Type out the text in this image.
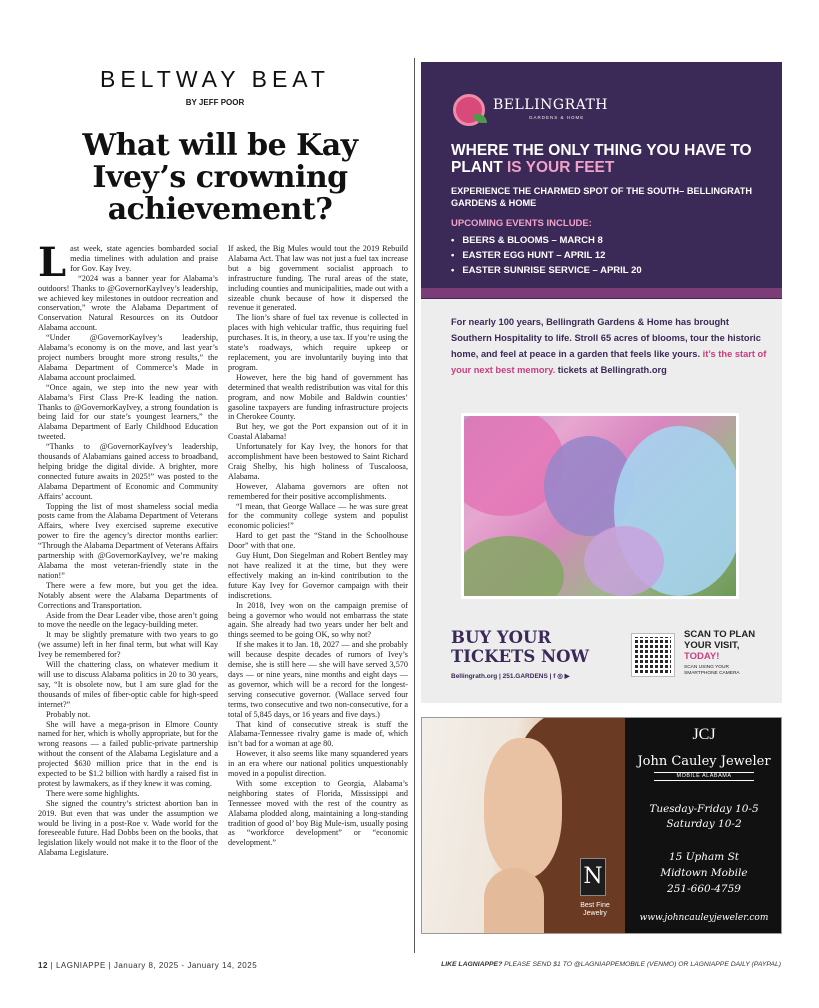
BELTWAY BEAT
BY JEFF POOR
What will be Kay Ivey’s crowning achievement?

Last week, state agencies bombarded social media timelines with adulation and praise for Gov. Kay Ivey.

“2024 was a banner year for Alabama’s outdoors! Thanks to @GovernorKayIvey’s leadership, we achieved key milestones in outdoor recreation and conservation,” wrote the Alabama Department of Conservation Natural Resources on its Outdoor Alabama account.

“Under @GovernorKayIvey’s leadership, Alabama’s economy is on the move, and last year’s project numbers brought more strong results,” the Alabama Department of Commerce’s Made in Alabama account proclaimed.

“Once again, we step into the new year with Alabama’s First Class Pre-K leading the nation. Thanks to @GovernorKayIvey, a strong foundation is being laid for our state’s youngest learners,” the Alabama Department of Early Childhood Education tweeted.

“Thanks to @GovernorKayIvey’s leadership, thousands of Alabamians gained access to broadband, helping bridge the digital divide. A brighter, more connected future awaits in 2025!” was posted to the Alabama Department of Economic and Community Affairs’ account.

Topping the list of most shameless social media posts came from the Alabama Department of Veterans Affairs, where Ivey exercised supreme executive power to fire the agency’s director months earlier: “Through the Alabama Department of Veterans Affairs partnership with @GovernorKayIvey, we’re making Alabama the most veteran-friendly state in the nation!”

There were a few more, but you get the idea. Notably absent were the Alabama Departments of Corrections and Transportation.

Aside from the Dear Leader vibe, those aren’t going to move the needle on the legacy-building meter.

It may be slightly premature with two years to go (we assume) left in her final term, but what will Kay Ivey be remembered for?

Will the chattering class, on whatever medium it will use to discuss Alabama politics in 20 to 30 years, say, “It is obsolete now, but I am sure glad for the thousands of miles of fiber-optic cable for high-speed internet?”

Probably not.

She will have a mega-prison in Elmore County named for her, which is wholly appropriate, but for the wrong reasons — a failed public-private partnership without the consent of the Alabama Legislature and a projected $630 million price that in the end is expected to be $1.2 billion with hardly a raised fist in protest by lawmakers, as if they knew it was coming.

There were some highlights.

She signed the country’s strictest abortion ban in 2019. But even that was under the assumption we would be living in a post-Roe v. Wade world for the foreseeable future. Had Dobbs been on the books, that legislation likely would not make it to the floor of the Alabama Legislature.

If asked, the Big Mules would tout the 2019 Rebuild Alabama Act. That law was not just a fuel tax increase but a big government socialist approach to infrastructure funding. The rural areas of the state, including counties and municipalities, made out with a sizeable chunk because of how it dispersed the revenue it generated.

The lion’s share of fuel tax revenue is collected in places with high vehicular traffic, thus requiring fuel purchases. It is, in theory, a use tax. If you’re using the state’s roadways, which require upkeep or replacement, you are involuntarily buying into that program.

However, here the big hand of government has determined that wealth redistribution was vital for this program, and now Mobile and Baldwin counties’ gasoline taxpayers are funding infrastructure projects in Cherokee County.

But hey, we got the Port expansion out of it in Coastal Alabama!

Unfortunately for Kay Ivey, the honors for that accomplishment have been bestowed to Saint Richard Craig Shelby, his high holiness of Tuscaloosa, Alabama.

However, Alabama governors are often not remembered for their positive accomplishments.

“I mean, that George Wallace — he was sure great for the community college system and populist economic policies!”

Hard to get past the “Stand in the Schoolhouse Door” with that one.

Guy Hunt, Don Siegelman and Robert Bentley may not have realized it at the time, but they were effectively making an in-kind contribution to the future Kay Ivey for Governor campaign with their indiscretions.

In 2018, Ivey won on the campaign premise of being a governor who would not embarrass the state again. She already had two years under her belt and things seemed to be going OK, so why not?

If she makes it to Jan. 18, 2027 — and she probably will because despite decades of rumors of Ivey’s demise, she is still here — she will have served 3,570 days — or nine years, nine months and eight days — as governor, which will be a record for the longest-serving consecutive governor. (Wallace served four terms, two consecutive and two non-consecutive, for a total of 5,845 days, or 16 years and five days.)

That kind of consecutive streak is stuff the Alabama-Tennessee rivalry game is made of, which isn’t bad for a woman at age 80.

However, it also seems like many squandered years in an era where our national politics unquestionably moved in a populist direction.

With some exception to Georgia, Alabama’s neighboring states of Florida, Mississippi and Tennessee moved with the rest of the country as Alabama plodded along, maintaining a long-standing tradition of good ol’ boy Big Mule-ism, usually posing as “workforce development” or “economic development.”

BELLINGRATH
GARDENS & HOME
WHERE THE ONLY THING YOU HAVE TO PLANT IS YOUR FEET
EXPERIENCE THE CHARMED SPOT OF THE SOUTH– BELLINGRATH GARDENS & HOME
UPCOMING EVENTS INCLUDE:
• BEERS & BLOOMS – MARCH 8
• EASTER EGG HUNT – APRIL 12
• EASTER SUNRISE SERVICE – APRIL 20
For nearly 100 years, Bellingrath Gardens & Home has brought Southern Hospitality to life. Stroll 65 acres of blooms, tour the historic home, and feel at peace in a garden that feels like yours. it’s the start of your next best memory. tickets at Bellingrath.org
BUY YOUR TICKETS NOW
Bellingrath.org | 251.GARDENS | f ◎ ▶
SCAN TO PLAN YOUR VISIT, TODAY!
SCAN USING YOUR SMARTPHONE CAMERA
N
Best Fine Jewelry
JCJ
John Cauley Jeweler
MOBILE ALABAMA
Tuesday-Friday 10-5
Saturday 10-2
15 Upham St
Midtown Mobile
251-660-4759
www.johncauleyjeweler.com
12 | LAGNIAPPE | January 8, 2025 - January 14, 2025	LIKE LAGNIAPPE? PLEASE SEND $1 TO @LAGNIAPPEMOBILE (VENMO) OR LAGNIAPPE DAILY (PAYPAL)
